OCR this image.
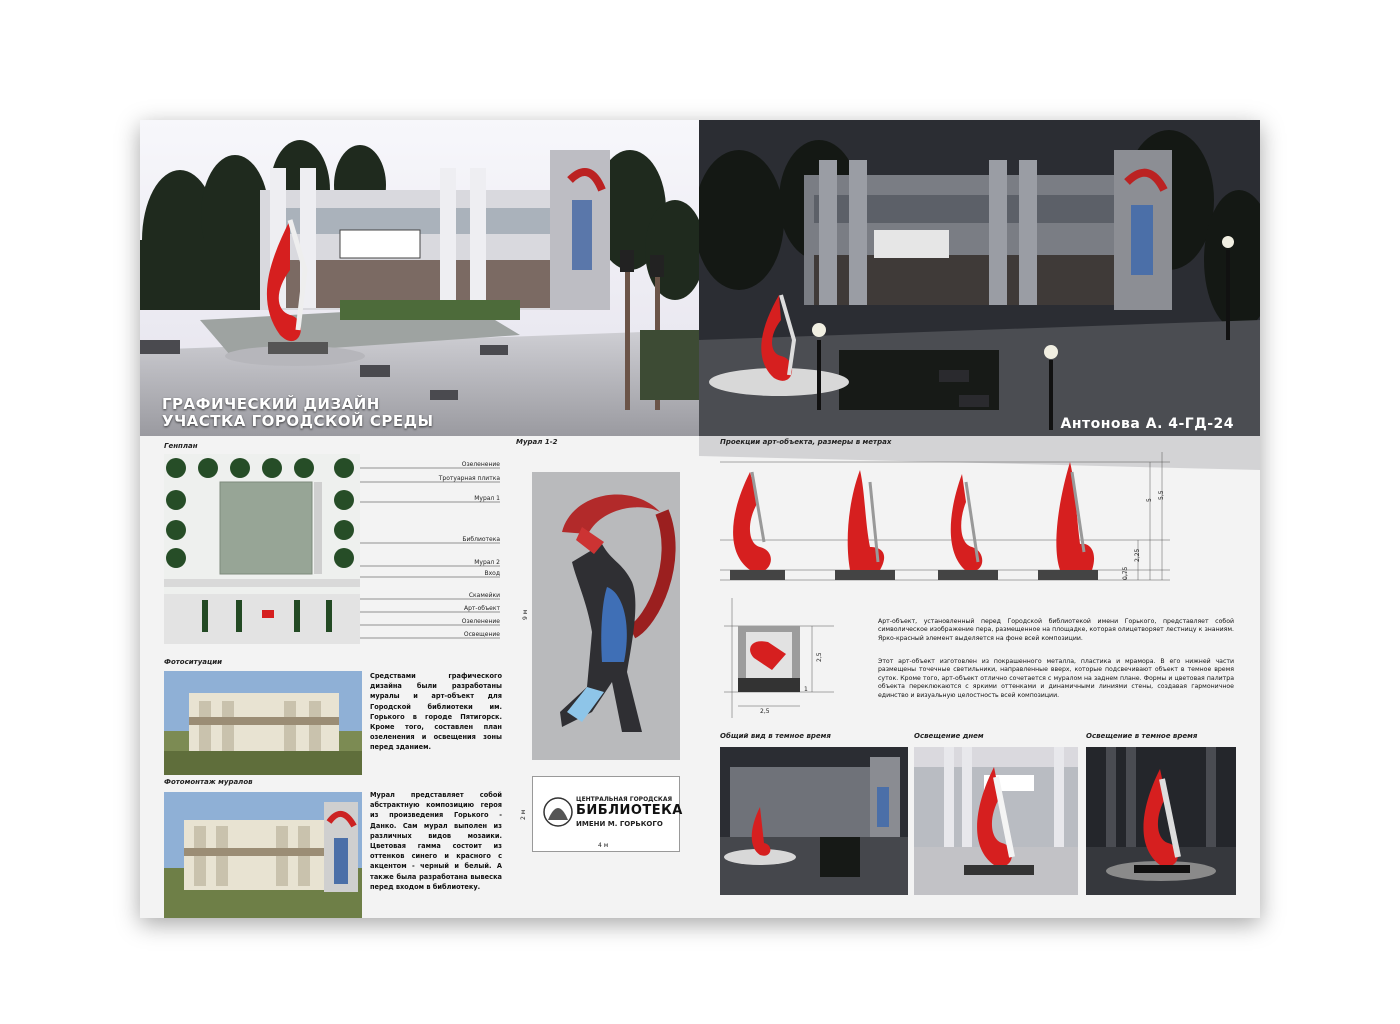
ГРАФИЧЕСКИЙ ДИЗАЙН
УЧАСТКА ГОРОДСКОЙ СРЕДЫ	Антонова А. 4-ГД-24
Генплан
Озеленение
Тротуарная плитка
Мурал 1
Библиотека
Мурал 2
Вход
Скамейки
Арт-объект
Озеленение
Освещение
Фотоситуации
Средствами графического дизайна были разработаны муралы и арт-объект для Городской библиотеки им. Горького в городе Пятигорск. Кроме того, составлен план озеленения и освещения зоны перед зданием.
Фотомонтаж муралов
Мурал представляет собой абстрактную композицию героя из произведения Горького - Данко. Сам мурал выполен из различных видов мозаики. Цветовая гамма состоит из оттенков синего и красного с акцентом - черный и белый. А также была разработана вывеска перед входом в библиотеку.
Мурал 1-2
9 м
ЦЕНТРАЛЬНАЯ ГОРОДСКАЯ
БИБЛИОТЕКА
ИМЕНИ М. ГОРЬКОГО
2 м
4 м
Проекции арт-объекта, размеры в метрах
5
5,5
2,25
0,75
2,5
2,5
1
Арт-объект, установленный перед Городской библиотекой имени Горького, представляет собой символическое изображение пера, размещенное на площадке, которая олицетворяет лестницу к знаниям. Ярко-красный элемент выделяется на фоне всей композиции.
Этот арт-объект изготовлен из покрашенного металла, пластика и мрамора. В его нижней части размещены точечные светильники, направленные вверх, которые подсвечивают объект в темное время суток. Кроме того, арт-объект отлично сочетается с муралом на заднем плане. Формы и цветовая палитра объекта переклюкаются с яркими оттенками и динамичными линиями стены, создавая гармоничное единство и визуальную целостность всей композиции.
Общий вид в темное время	Освещение днем	Освещение в темное время
